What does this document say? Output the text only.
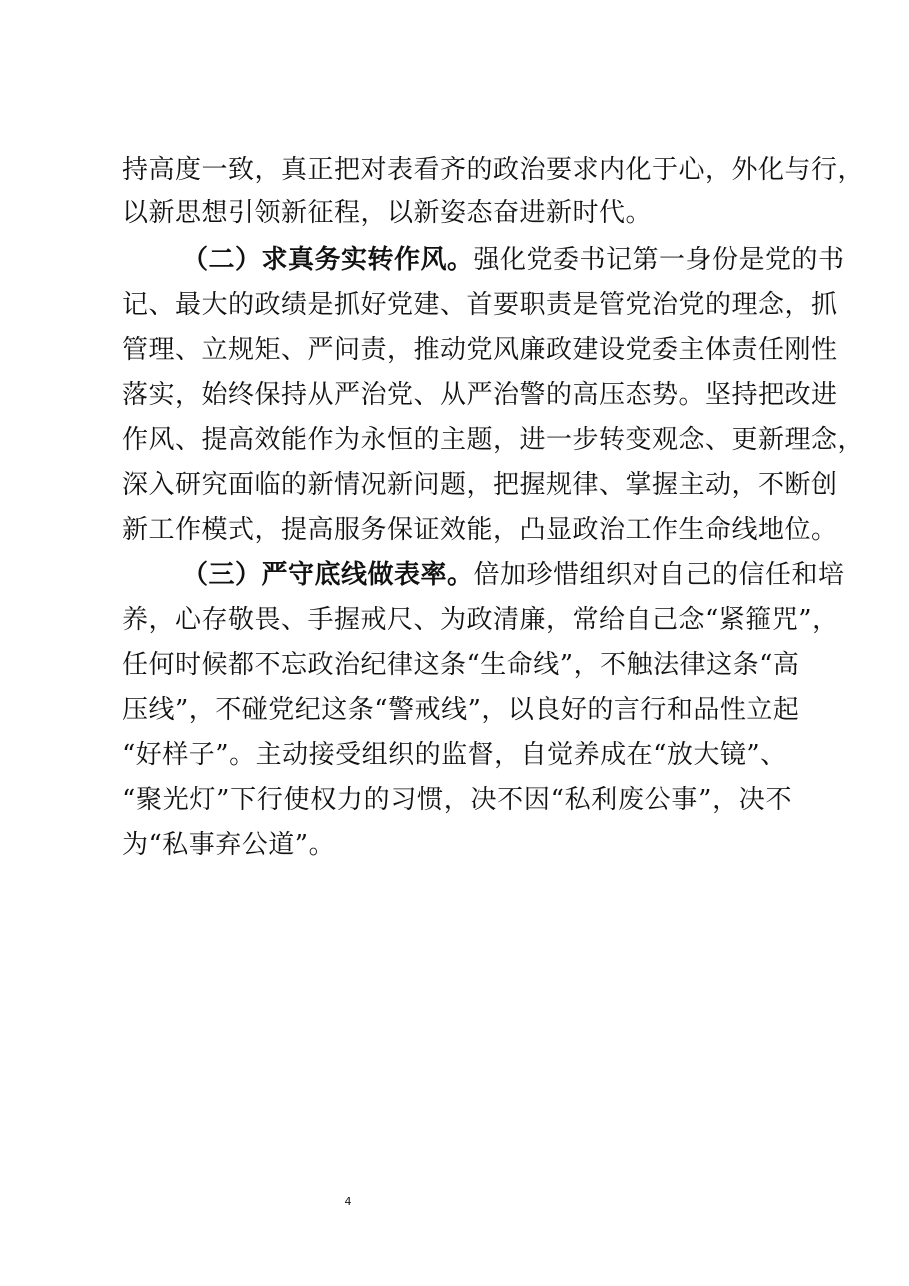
持高度一致，真正把对表看齐的政治要求内化于心，外化与行，
以新思想引领新征程，以新姿态奋进新时代。
（二）求真务实转作风。强化党委书记第一身份是党的书
记、最大的政绩是抓好党建、首要职责是管党治党的理念，抓
管理、立规矩、严问责，推动党风廉政建设党委主体责任刚性
落实，始终保持从严治党、从严治警的高压态势。坚持把改进
作风、提高效能作为永恒的主题，进一步转变观念、更新理念，
深入研究面临的新情况新问题，把握规律、掌握主动，不断创
新工作模式，提高服务保证效能，凸显政治工作生命线地位。
（三）严守底线做表率。倍加珍惜组织对自己的信任和培
养，心存敬畏、手握戒尺、为政清廉，常给自己念“紧箍咒”，
任何时候都不忘政治纪律这条“生命线”，不触法律这条“高
压线”，不碰党纪这条“警戒线”，以良好的言行和品性立起
“好样子”。主动接受组织的监督，自觉养成在“放大镜”、
“聚光灯”下行使权力的习惯，决不因“私利废公事”，决不
为“私事弃公道”。
4
